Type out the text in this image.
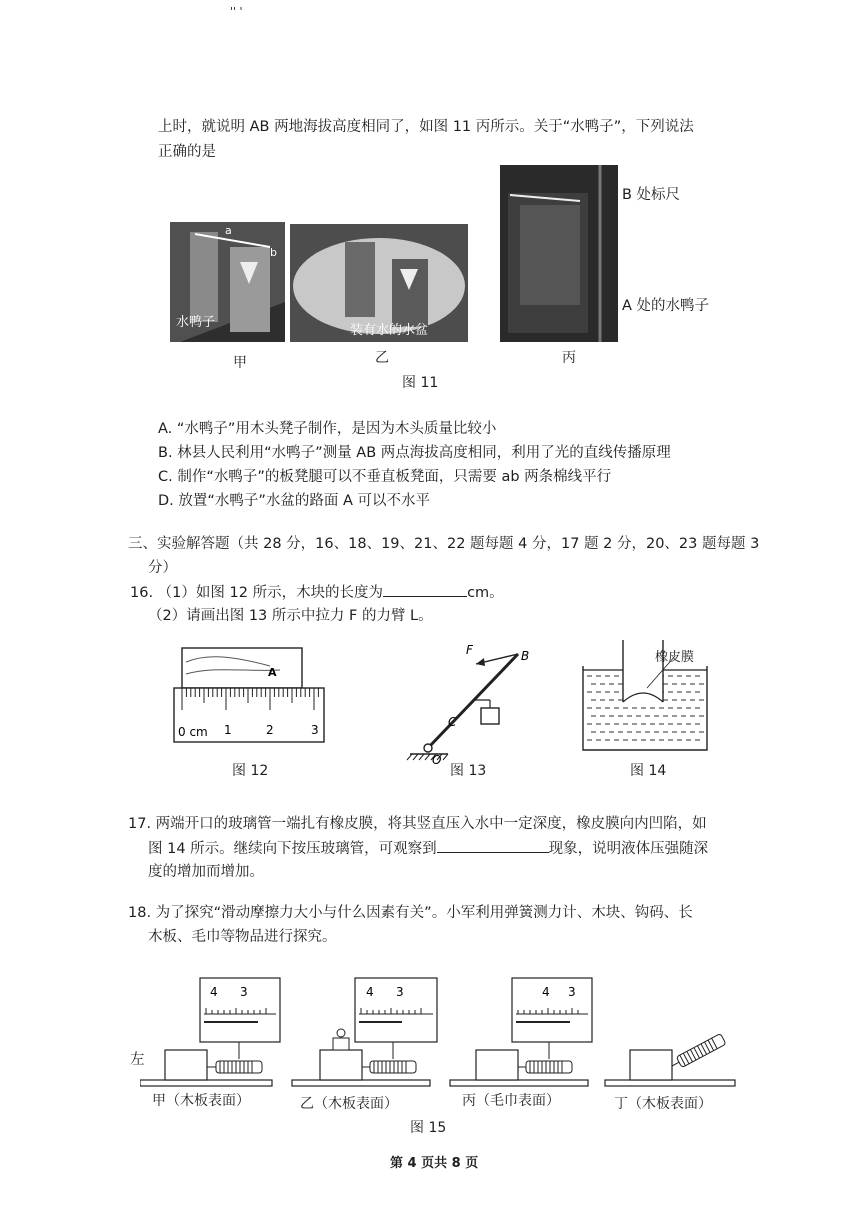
'' '
上时，就说明 AB 两地海拔高度相同了，如图 11 丙所示。关于“水鸭子”，下列说法
正确的是
a
b
水鸭子
装有水的水盆
B 处标尺
A 处的水鸭子
甲	乙	丙
图 11
A. “水鸭子”用木头凳子制作，是因为木头质量比较小
B. 林县人民利用“水鸭子”测量 AB 两点海拔高度相同，利用了光的直线传播原理
C. 制作“水鸭子”的板凳腿可以不垂直板凳面，只需要 ab 两条棉线平行
D. 放置“水鸭子”水盆的路面 A 可以不水平
三、实验解答题（共 28 分，16、18、19、21、22 题每题 4 分，17 题 2 分，20、23 题每题 3
分）
16. （1）如图 12 所示，木块的长度为	cm。
（2）请画出图 13 所示中拉力 F 的力臂 L。
A
0 cm 1	2	3
图 12
F	B
C
O
图 13
橡皮膜
图 14
17. 两端开口的玻璃管一端扎有橡皮膜，将其竖直压入水中一定深度，橡皮膜向内凹陷，如
图 14 所示。继续向下按压玻璃管，可观察到	现象，说明液体压强随深
度的增加而增加。
18. 为了探究“滑动摩擦力大小与什么因素有关”。小军利用弹簧测力计、木块、钩码、长
木板、毛巾等物品进行探究。
左
4 3	4 3	4 3
甲（木板表面）	乙（木板表面）	丙（毛巾表面）	丁（木板表面）
图 15
第 4 页共 8 页
